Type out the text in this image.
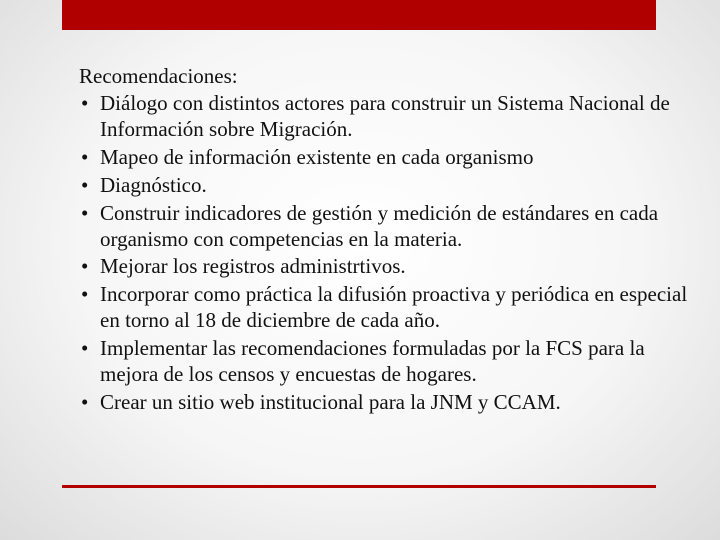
Recomendaciones:
• Diálogo con distintos actores para construir un Sistema Nacional de Información sobre Migración.
• Mapeo de información existente en cada organismo
• Diagnóstico.
• Construir indicadores de gestión y medición de estándares en cada organismo con competencias en la materia.
• Mejorar los registros administrtivos.
• Incorporar como práctica la difusión proactiva y periódica en especial en torno al 18 de diciembre de cada año.
• Implementar las recomendaciones formuladas por la FCS para la mejora de los censos y encuestas de hogares.
• Crear un sitio web institucional para la JNM y CCAM.
